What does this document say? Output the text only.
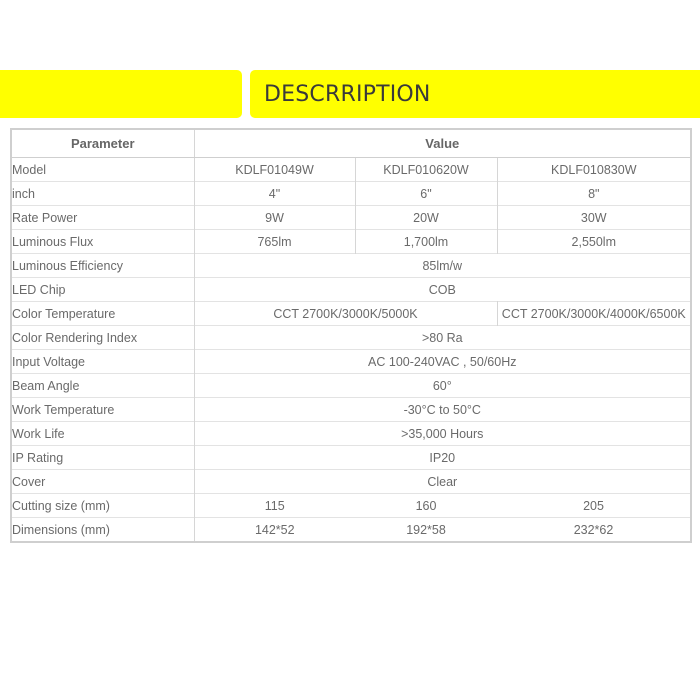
DESCRRIPTION
Parameter	Value		
Model	KDLF01049W	KDLF010620W	KDLF010830W
inch	4"	6"	8"
Rate Power	9W	20W	30W
Luminous Flux	765lm	1,700lm	2,550lm
Luminous Efficiency	85lm/w		
LED Chip	COB		
Color Temperature	CCT 2700K/3000K/5000K		CCT 2700K/3000K/4000K/6500K
Color Rendering Index	>80 Ra		
Input Voltage	AC 100-240VAC , 50/60Hz		
Beam Angle	60°		
Work Temperature	-30°C to 50°C		
Work Life	>35,000 Hours		
IP Rating	IP20		
Cover	Clear		
Cutting size (mm)	115	160	205
Dimensions (mm)	142*52	192*58	232*62
